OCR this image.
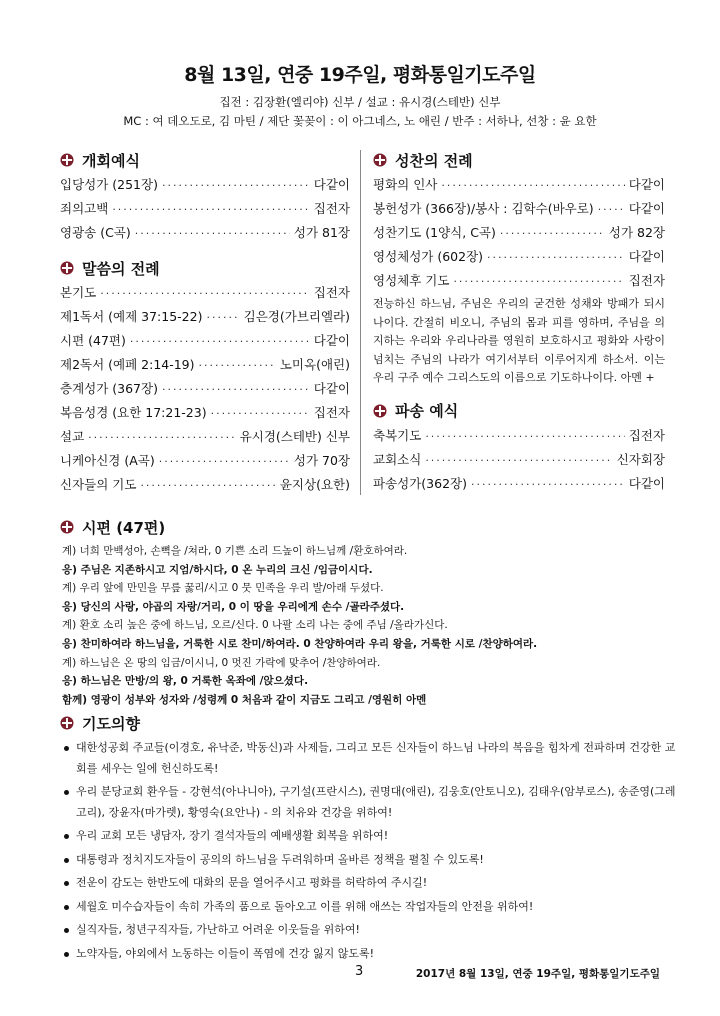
8월 13일, 연중 19주일, 평화통일기도주일
집전 : 김장환(엘리야) 신부 / 설교 : 유시경(스테반) 신부
MC : 여 데오도로, 김 마틴 / 제단 꽃꽂이 : 이 아그네스, 노 애린 / 반주 : 서하나, 선창 : 윤 요한
개회예식
입당성가 (251장) ·····	다같이
죄의고백 ·····	집전자
영광송 (C곡) ·····	성가 81장
말씀의 전례
본기도 ·····	집전자
제1독서 (예제 37:15-22) ·····	김은경(가브리엘라)
시편 (47편) ·····	다같이
제2독서 (예페 2:14-19) ·····	노미옥(애린)
층계성가 (367장) ·····	다같이
복음성경 (요한 17:21-23) ·····	집전자
설교 ·····	유시경(스테반) 신부
니케아신경 (A곡) ·····	성가 70장
신자들의 기도 ·····	윤지상(요한)
성찬의 전례
평화의 인사 ·····	다같이
봉헌성가 (366장)/봉사 : 김학수(바우로) ·····	다같이
성찬기도 (1양식, C곡) ·····	성가 82장
영성체성가 (602장) ·····	다같이
영성체후 기도 ·····	집전자

전능하신 하느님, 주님은 우리의 굳건한 성채와 방패가 되시나이다. 간절히 비오니, 주님의 몸과 피를 영하며, 주님을 의지하는 우리와 우리나라를 영원히 보호하시고 평화와 사랑이 넘치는 주님의 나라가 여기서부터 이루어지게 하소서. 이는 우리 구주 예수 그리스도의 이름으로 기도하나이다. 아멘 +

파송 예식
축복기도 ·····	집전자
교회소식 ·····	신자회장
파송성가(362장) ·····	다같이
시편 (47편)
계) 너희 만백성아, 손뼉을 /쳐라, 0 기쁜 소리 드높이 하느님께 /환호하여라.
응) 주님은 지존하시고 지엄/하시다, 0 온 누리의 크신 /임금이시다.
계) 우리 앞에 만민을 무릎 꿇리/시고 0 뭇 민족을 우리 발/아래 두셨다.
응) 당신의 사랑, 야곱의 자랑/거리, 0 이 땅을 우리에게 손수 /골라주셨다.
계) 환호 소리 높은 중에 하느님, 오르/신다. 0 나팔 소리 나는 중에 주님 /올라가신다.
응) 찬미하여라 하느님을, 거룩한 시로 찬미/하여라. 0 찬양하여라 우리 왕을, 거룩한 시로 /찬양하여라.
계) 하느님은 온 땅의 임금/이시니, 0 멋진 가락에 맞추어 /찬양하여라.
응) 하느님은 만방/의 왕, 0 거룩한 옥좌에 /앉으셨다.
함께) 영광이 성부와 성자와 /성령께 0 처음과 같이 지금도 그리고 /영원히 아멘
기도의향
대한성공회 주교들(이경호, 유낙준, 박동신)과 사제들, 그리고 모든 신자들이 하느님 나라의 복음을 힘차게 전파하며 건강한 교회를 세우는 일에 헌신하도록!
우리 분당교회 환우들 - 강현석(아나니아), 구기설(프란시스), 권명대(애린), 김웅호(안토니오), 김태우(암부로스), 송준영(그레고리), 장윤자(마가렛), 황영숙(요안나) - 의 치유와 건강을 위하여!
우리 교회 모든 냉담자, 장기 결석자들의 예배생활 회복을 위하여!
대통령과 정치지도자들이 공의의 하느님을 두려워하며 올바른 정책을 펼칠 수 있도록!
전운이 감도는 한반도에 대화의 문을 열어주시고 평화를 허락하여 주시길!
세월호 미수습자들이 속히 가족의 품으로 돌아오고 이를 위해 애쓰는 작업자들의 안전을 위하여!
실직자들, 청년구직자들, 가난하고 어려운 이웃들을 위하여!
노약자들, 야외에서 노동하는 이들이 폭염에 건강 잃지 않도록!
3	2017년 8월 13일, 연중 19주일, 평화통일기도주일
